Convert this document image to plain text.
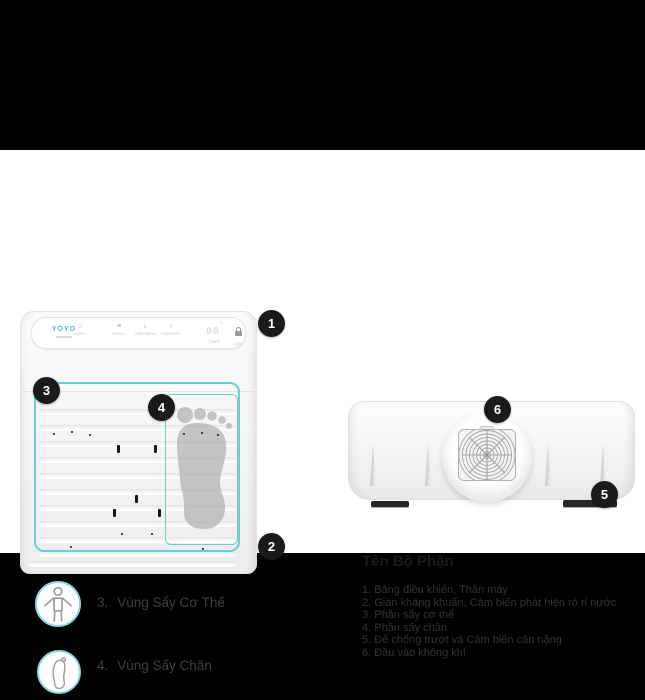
YOYO ○
ON/OFF
≡
ION/VOL
↓
COOL/WARM
↑
FOOT/BODY	00°
TIMER	LOCK
1
2
3
4
5
6
Tên Bộ Phận
1. Bảng điều khiển, Thân máy
2. Giàn kháng khuẩn, Cảm biến phát hiện rò rỉ nước
3. Phần sấy cơ thể
4. Phần sấy chân
5. Đế chống trượt và Cảm biến cân nặng
6. Đầu vào không khí
3. Vùng Sấy Cơ Thế
4. Vùng Sấy Chân
